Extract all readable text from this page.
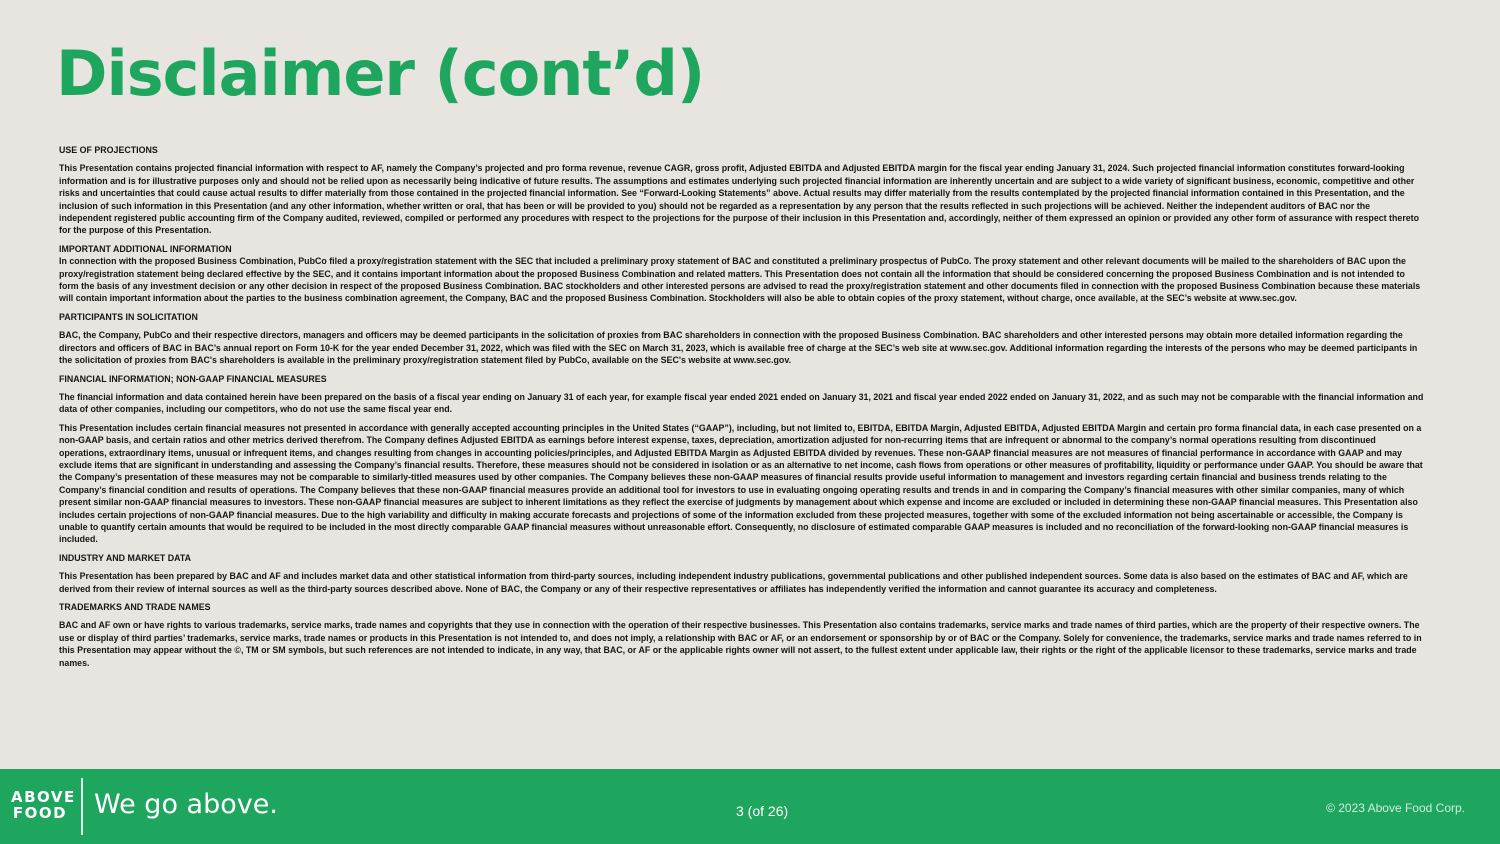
Disclaimer (cont’d)

USE OF PROJECTIONS

This Presentation contains projected financial information with respect to AF, namely the Company’s projected and pro forma revenue, revenue CAGR, gross profit, Adjusted EBITDA and Adjusted EBITDA margin for the fiscal year ending January 31, 2024. Such projected financial information constitutes forward-looking information and is for illustrative purposes only and should not be relied upon as necessarily being indicative of future results. The assumptions and estimates underlying such projected financial information are inherently uncertain and are subject to a wide variety of significant business, economic, competitive and other risks and uncertainties that could cause actual results to differ materially from those contained in the projected financial information. See “Forward-Looking Statements” above. Actual results may differ materially from the results contemplated by the projected financial information contained in this Presentation, and the inclusion of such information in this Presentation (and any other information, whether written or oral, that has been or will be provided to you) should not be regarded as a representation by any person that the results reflected in such projections will be achieved. Neither the independent auditors of BAC nor the independent registered public accounting firm of the Company audited, reviewed, compiled or performed any procedures with respect to the projections for the purpose of their inclusion in this Presentation and, accordingly, neither of them expressed an opinion or provided any other form of assurance with respect thereto for the purpose of this Presentation.

IMPORTANT ADDITIONAL INFORMATION

In connection with the proposed Business Combination, PubCo filed a proxy/registration statement with the SEC that included a preliminary proxy statement of BAC and constituted a preliminary prospectus of PubCo. The proxy statement and other relevant documents will be mailed to the shareholders of BAC upon the proxy/registration statement being declared effective by the SEC, and it contains important information about the proposed Business Combination and related matters. This Presentation does not contain all the information that should be considered concerning the proposed Business Combination and is not intended to form the basis of any investment decision or any other decision in respect of the proposed Business Combination. BAC stockholders and other interested persons are advised to read the proxy/registration statement and other documents filed in connection with the proposed Business Combination because these materials will contain important information about the parties to the business combination agreement, the Company, BAC and the proposed Business Combination. Stockholders will also be able to obtain copies of the proxy statement, without charge, once available, at the SEC’s website at www.sec.gov.

PARTICIPANTS IN SOLICITATION

BAC, the Company, PubCo and their respective directors, managers and officers may be deemed participants in the solicitation of proxies from BAC shareholders in connection with the proposed Business Combination. BAC shareholders and other interested persons may obtain more detailed information regarding the directors and officers of BAC in BAC’s annual report on Form 10-K for the year ended December 31, 2022, which was filed with the SEC on March 31, 2023, which is available free of charge at the SEC’s web site at www.sec.gov. Additional information regarding the interests of the persons who may be deemed participants in the solicitation of proxies from BAC's shareholders is available in the preliminary proxy/registration statement filed by PubCo, available on the SEC's website at www.sec.gov.

FINANCIAL INFORMATION; NON-GAAP FINANCIAL MEASURES

The financial information and data contained herein have been prepared on the basis of a fiscal year ending on January 31 of each year, for example fiscal year ended 2021 ended on January 31, 2021 and fiscal year ended 2022 ended on January 31, 2022, and as such may not be comparable with the financial information and data of other companies, including our competitors, who do not use the same fiscal year end.

This Presentation includes certain financial measures not presented in accordance with generally accepted accounting principles in the United States (“GAAP”), including, but not limited to, EBITDA, EBITDA Margin, Adjusted EBITDA, Adjusted EBITDA Margin and certain pro forma financial data, in each case presented on a non-GAAP basis, and certain ratios and other metrics derived therefrom. The Company defines Adjusted EBITDA as earnings before interest expense, taxes, depreciation, amortization adjusted for non-recurring items that are infrequent or abnormal to the company’s normal operations resulting from discontinued operations, extraordinary items, unusual or infrequent items, and changes resulting from changes in accounting policies/principles, and Adjusted EBITDA Margin as Adjusted EBITDA divided by revenues. These non-GAAP financial measures are not measures of financial performance in accordance with GAAP and may exclude items that are significant in understanding and assessing the Company’s financial results. Therefore, these measures should not be considered in isolation or as an alternative to net income, cash flows from operations or other measures of profitability, liquidity or performance under GAAP. You should be aware that the Company’s presentation of these measures may not be comparable to similarly-titled measures used by other companies. The Company believes these non-GAAP measures of financial results provide useful information to management and investors regarding certain financial and business trends relating to the Company’s financial condition and results of operations. The Company believes that these non-GAAP financial measures provide an additional tool for investors to use in evaluating ongoing operating results and trends in and in comparing the Company’s financial measures with other similar companies, many of which present similar non-GAAP financial measures to investors. These non-GAAP financial measures are subject to inherent limitations as they reflect the exercise of judgments by management about which expense and income are excluded or included in determining these non-GAAP financial measures. This Presentation also includes certain projections of non-GAAP financial measures. Due to the high variability and difficulty in making accurate forecasts and projections of some of the information excluded from these projected measures, together with some of the excluded information not being ascertainable or accessible, the Company is unable to quantify certain amounts that would be required to be included in the most directly comparable GAAP financial measures without unreasonable effort. Consequently, no disclosure of estimated comparable GAAP measures is included and no reconciliation of the forward-looking non-GAAP financial measures is included.

INDUSTRY AND MARKET DATA

This Presentation has been prepared by BAC and AF and includes market data and other statistical information from third-party sources, including independent industry publications, governmental publications and other published independent sources. Some data is also based on the estimates of BAC and AF, which are derived from their review of internal sources as well as the third-party sources described above. None of BAC, the Company or any of their respective representatives or affiliates has independently verified the information and cannot guarantee its accuracy and completeness.

TRADEMARKS AND TRADE NAMES

BAC and AF own or have rights to various trademarks, service marks, trade names and copyrights that they use in connection with the operation of their respective businesses. This Presentation also contains trademarks, service marks and trade names of third parties, which are the property of their respective owners. The use or display of third parties’ trademarks, service marks, trade names or products in this Presentation is not intended to, and does not imply, a relationship with BAC or AF, or an endorsement or sponsorship by or of BAC or the Company. Solely for convenience, the trademarks, service marks and trade names referred to in this Presentation may appear without the ©, TM or SM symbols, but such references are not intended to indicate, in any way, that BAC, or AF or the applicable rights owner will not assert, to the fullest extent under applicable law, their rights or the right of the applicable licensor to these trademarks, service marks and trade names.

ABOVE
FOOD We go above.	3 (of 26)	© 2023 Above Food Corp.
